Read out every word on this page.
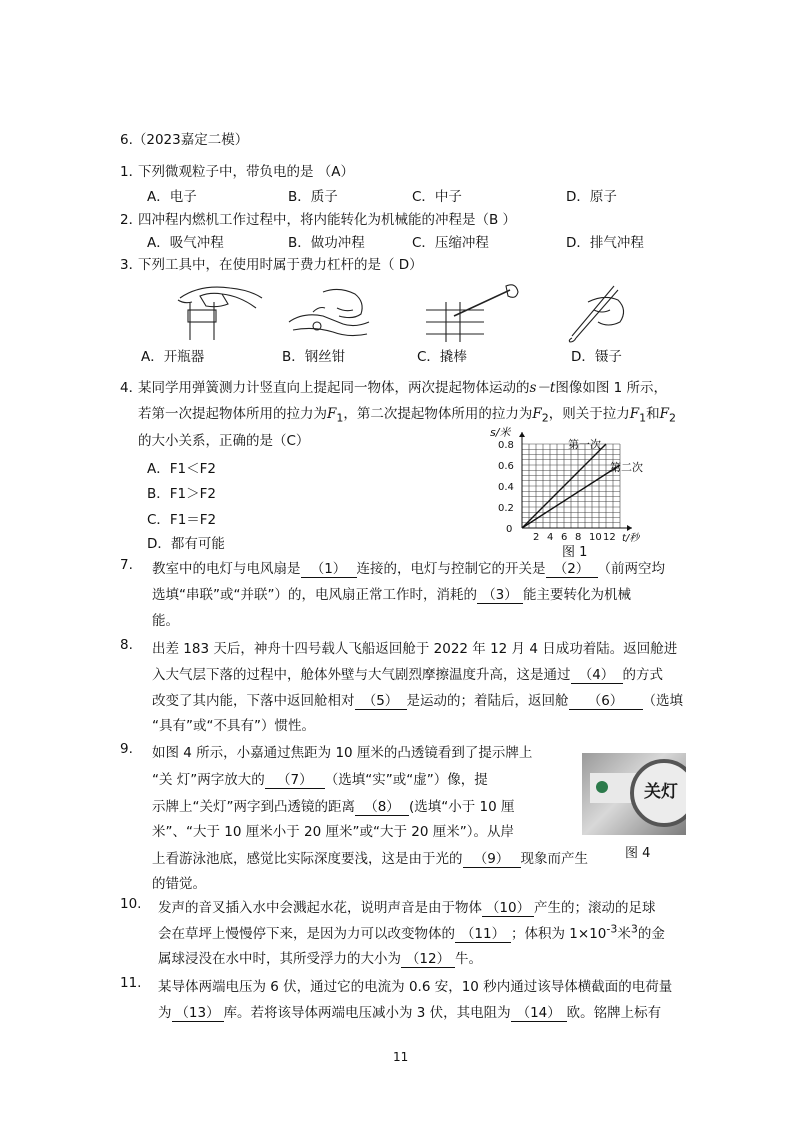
6.（2023嘉定二模）
1．
下列微观粒子中，带负电的是 （A）
A．电子	B．质子	C．中子	D．原子
2．
四冲程内燃机工作过程中，将内能转化为机械能的冲程是（B ）
A．吸气冲程	B．做功冲程	C．压缩冲程	D．排气冲程
3．
下列工具中，在使用时属于费力杠杆的是（ D）
A．开瓶器	B．钢丝钳	C．撬棒	D．镊子
4．
某同学用弹簧测力计竖直向上提起同一物体，两次提起物体运动的s－t图像如图 1 所示，
若第一次提起物体所用的拉力为$F_1$，第二次提起物体所用的拉力为$F_2$，则关于拉力$F_1$和$F_2$
的大小关系，正确的是（C）
A．F1＜F2
B．F1＞F2
C．F1＝F2
D．都有可能
0
0.2
0.4
0.6
0.8
2 4 6 8 10 12
s/米
t/秒
第一次
第二次
图 1
7. 教室中的电灯与电风扇是 （1） 连接的，电灯与控制它的开关是 （2） （前两空均
选填“串联”或“并联”）的，电风扇正常工作时，消耗的 （3） 能主要转化为机械
能。
8. 出差 183 天后，神舟十四号载人飞船返回舱于 2022 年 12 月 4 日成功着陆。返回舱进
入大气层下落的过程中，舱体外壁与大气剧烈摩擦温度升高，这是通过 （4） 的方式
改变了其内能，下落中返回舱相对 （5） 是运动的；着陆后，返回舱 （6） （选填
“具有”或“不具有”）惯性。
9. 如图 4 所示，小嘉通过焦距为 10 厘米的凸透镜看到了提示牌上
“关 灯”两字放大的 （7） （选填“实”或“虚”）像，提
示牌上“关灯”两字到凸透镜的距离 （8） (选填“小于 10 厘
米”、“大于 10 厘米小于 20 厘米”或“大于 20 厘米”）。从岸
上看游泳池底，感觉比实际深度要浅，这是由于光的 （9） 现象而产生
的错觉。
关灯
图 4
10. 发声的音叉插入水中会溅起水花，说明声音是由于物体 （10） 产生的；滚动的足球
会在草坪上慢慢停下来，是因为力可以改变物体的 （11） ；体积为 $1\times 10^{-3}$米$^3$的金
属球浸没在水中时，其所受浮力的大小为 （12） 牛。
11. 某导体两端电压为 6 伏，通过它的电流为 0.6 安，10 秒内通过该导体横截面的电荷量
为 （13） 库。若将该导体两端电压减小为 3 伏，其电阻为 （14） 欧。铭牌上标有
11
